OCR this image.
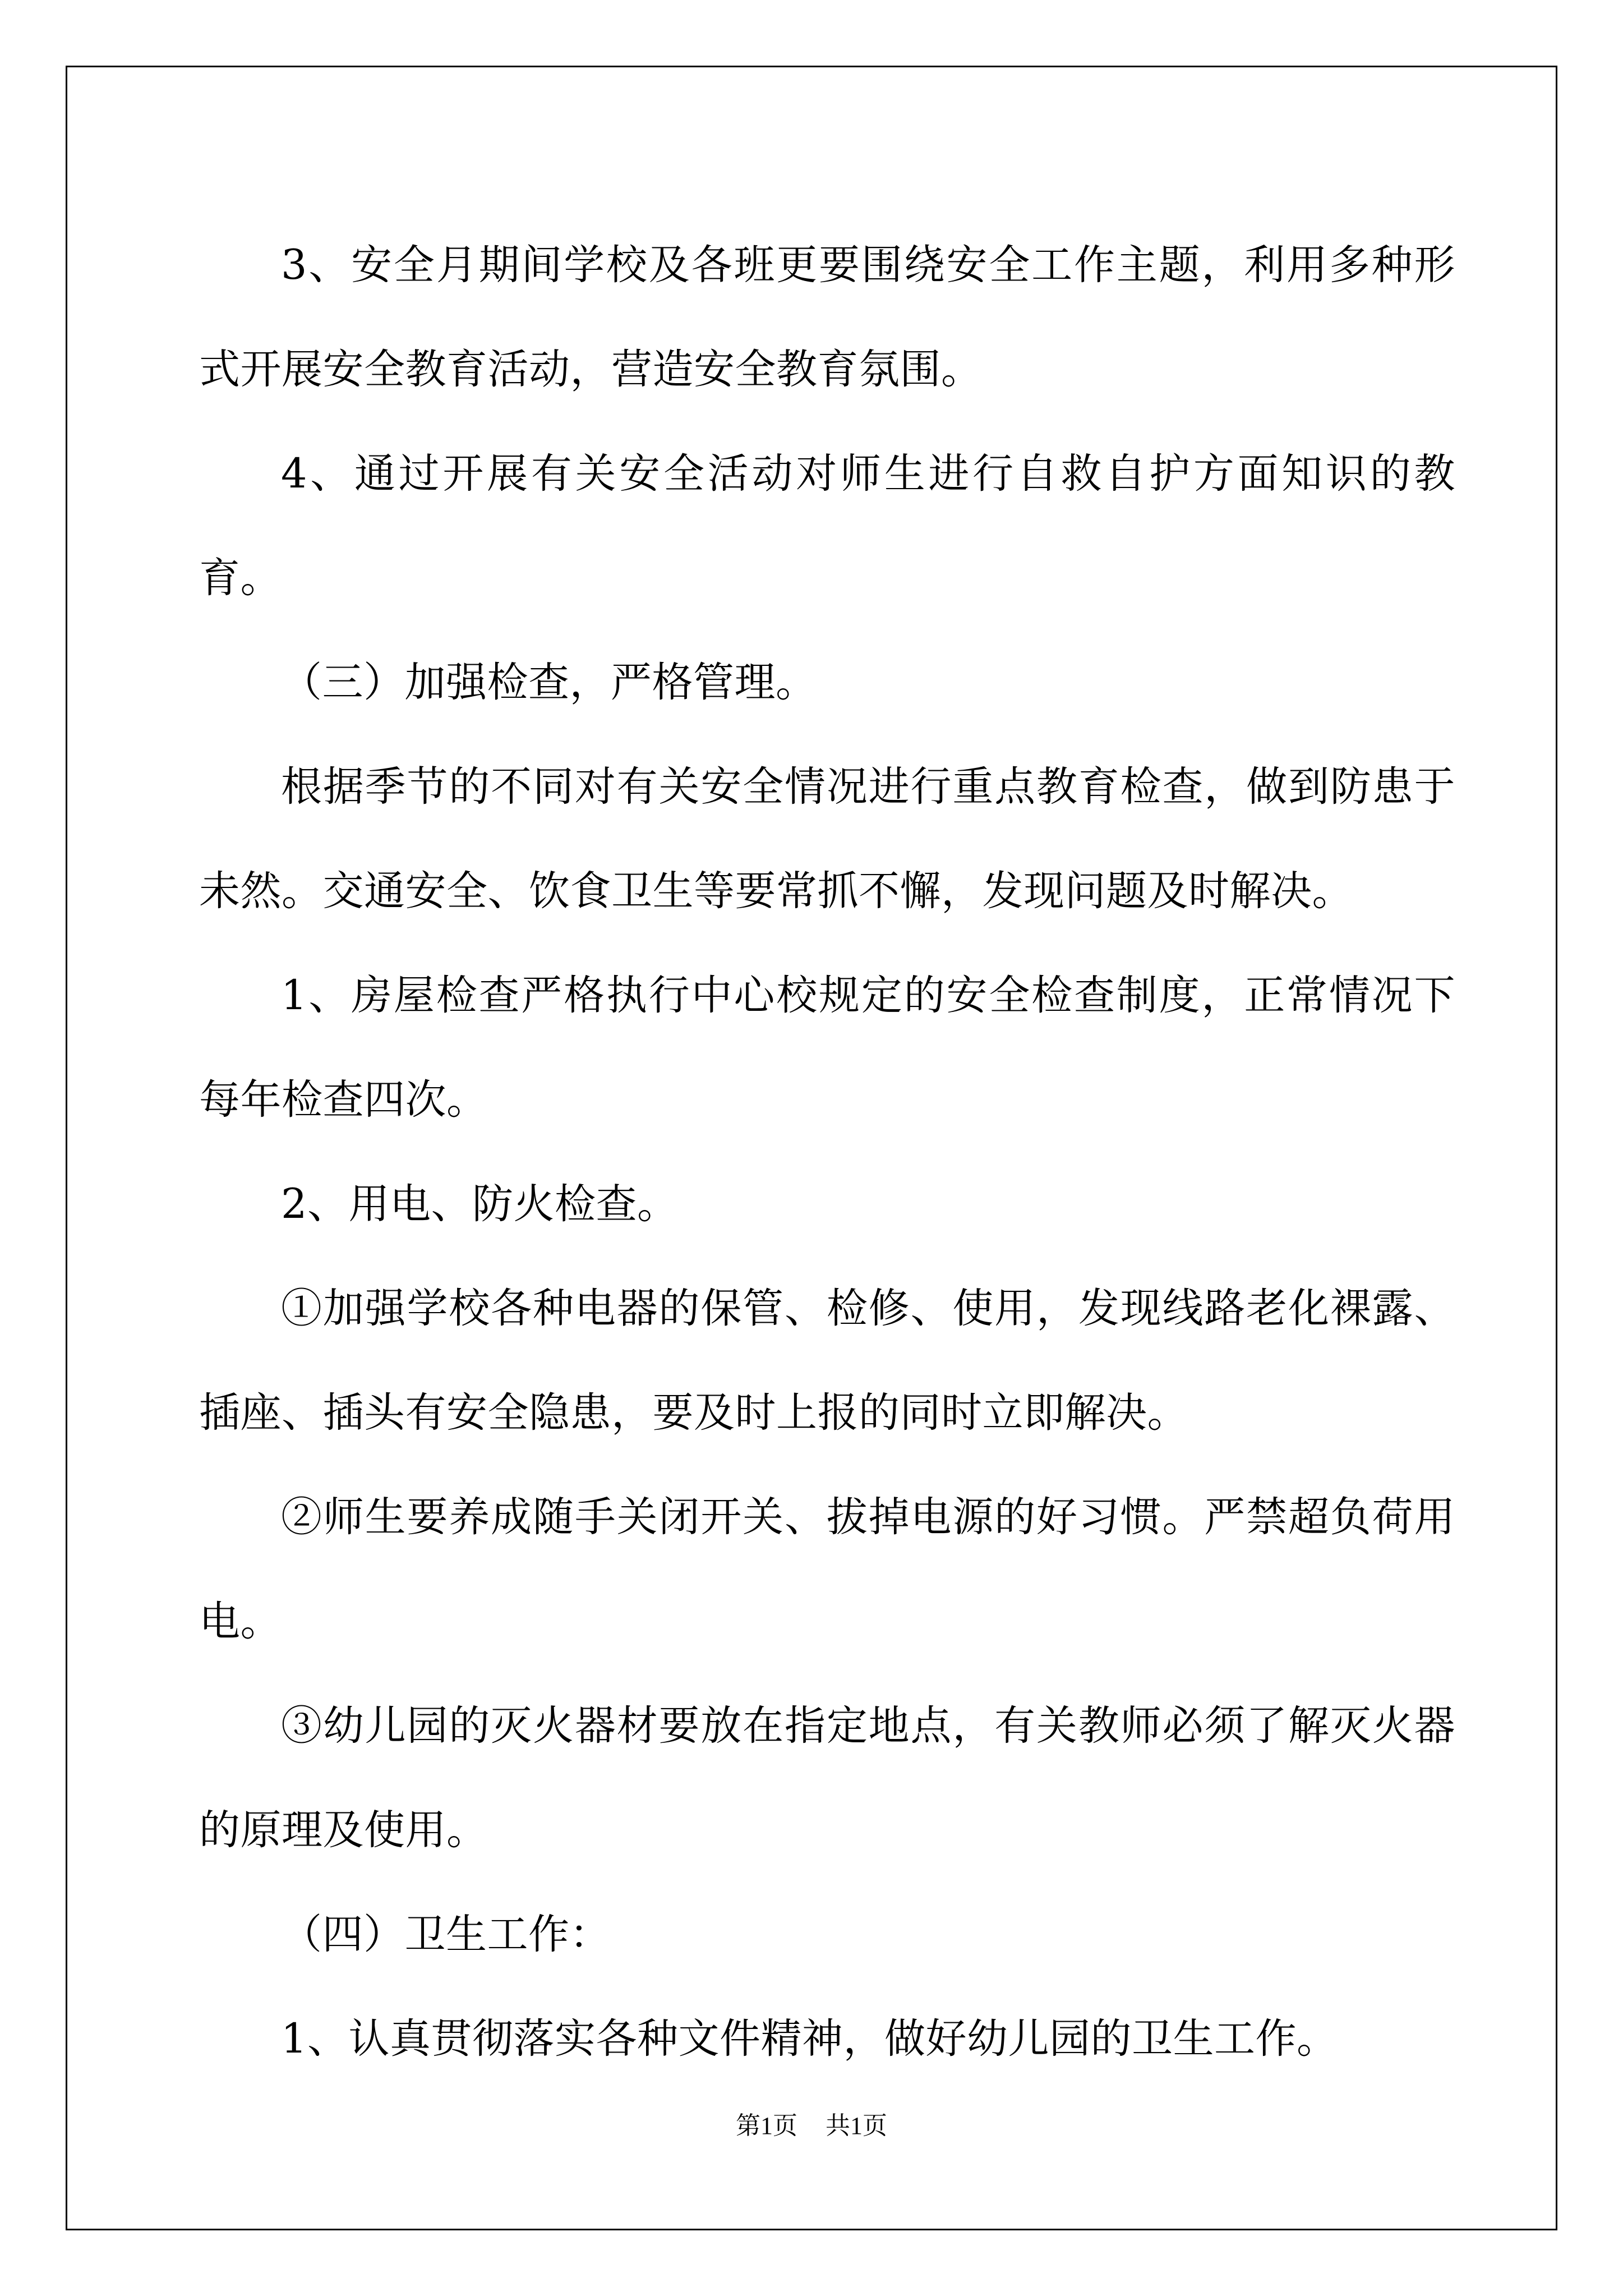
3、安全月期间学校及各班更要围绕安全工作主题，利用多种形式开展安全教育活动，营造安全教育氛围。

4、通过开展有关安全活动对师生进行自救自护方面知识的教育。

（三）加强检查，严格管理。

根据季节的不同对有关安全情况进行重点教育检查，做到防患于未然。交通安全、饮食卫生等要常抓不懈，发现问题及时解决。

1、房屋检查严格执行中心校规定的安全检查制度，正常情况下每年检查四次。

2、用电、防火检查。

①加强学校各种电器的保管、检修、使用，发现线路老化裸露、插座、插头有安全隐患，要及时上报的同时立即解决。

②师生要养成随手关闭开关、拔掉电源的好习惯。严禁超负荷用电。

③幼儿园的灭火器材要放在指定地点，有关教师必须了解灭火器的原理及使用。

（四）卫生工作：

1、认真贯彻落实各种文件精神，做好幼儿园的卫生工作。

第1页 共1页
